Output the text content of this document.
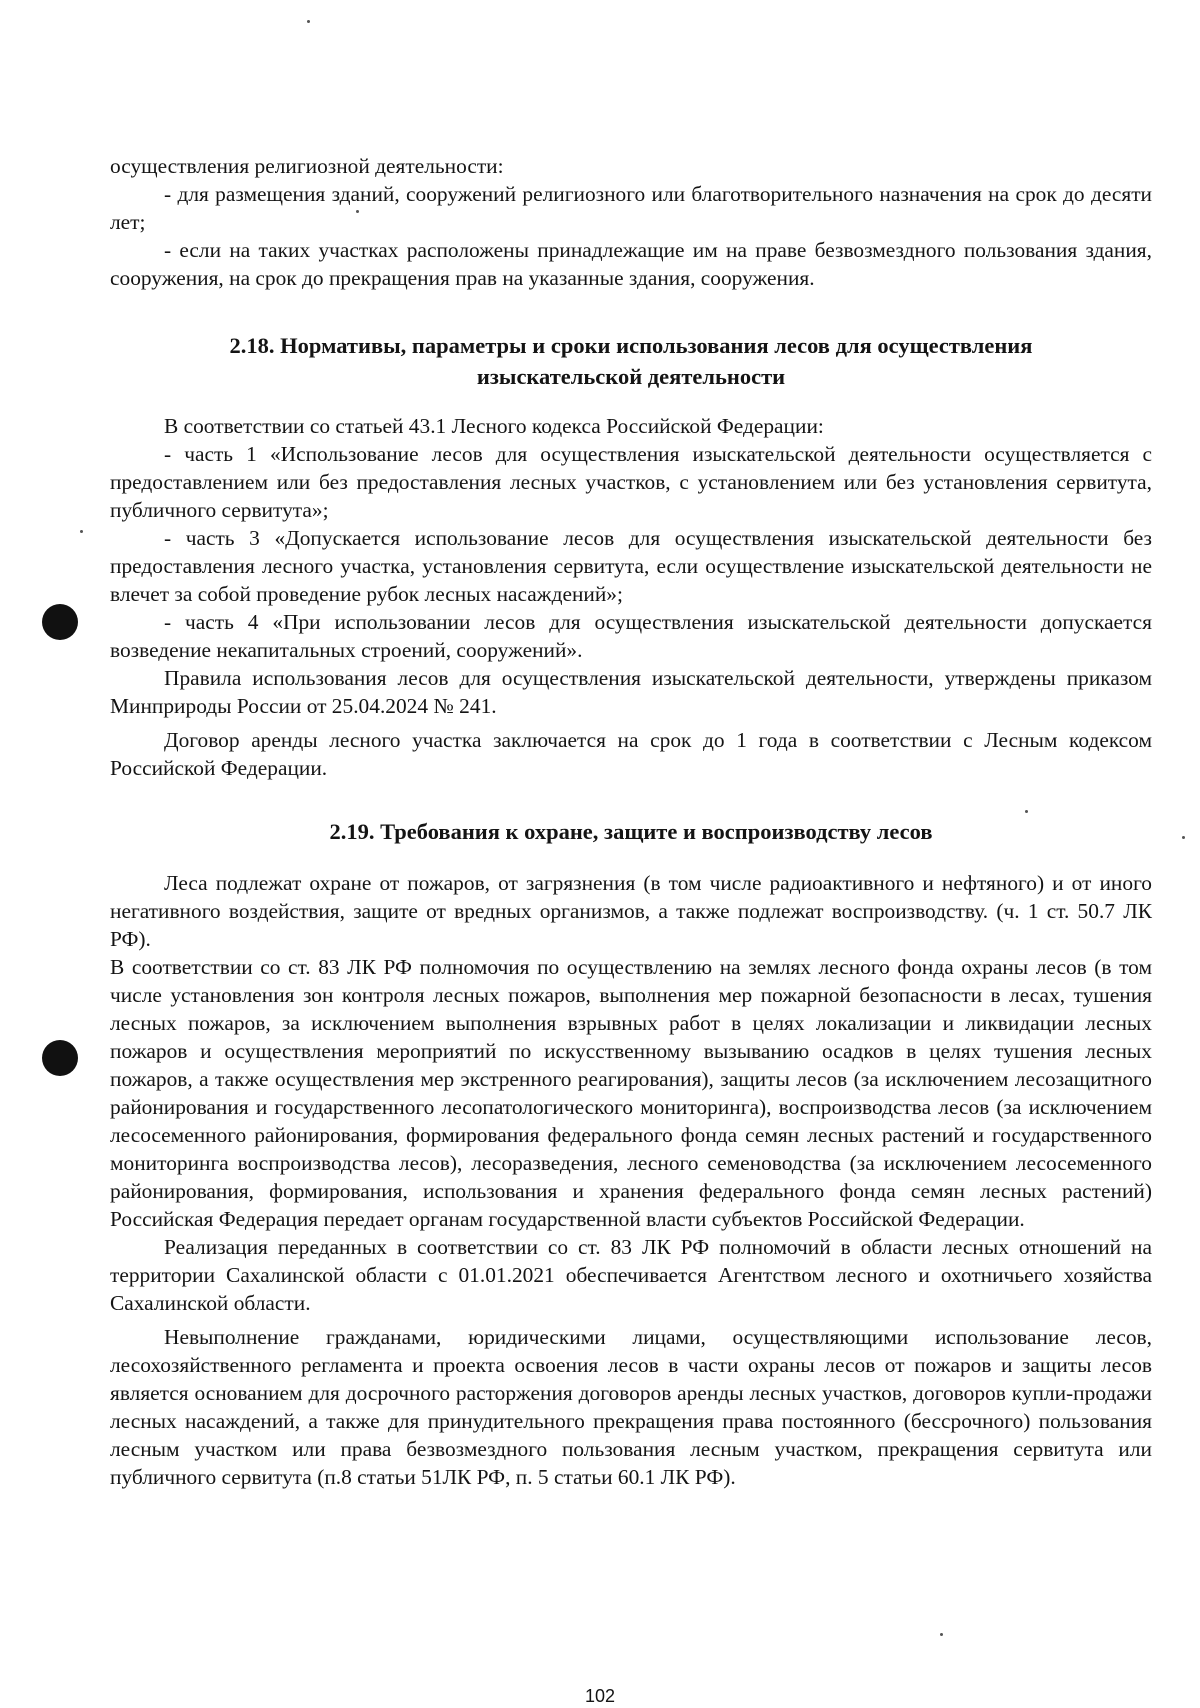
осуществления религиозной деятельности:

- для размещения зданий, сооружений религиозного или благотворительного назначения на срок до десяти лет;

- если на таких участках расположены принадлежащие им на праве безвозмездного пользования здания, сооружения, на срок до прекращения прав на указанные здания, сооружения.

2.18. Нормативы, параметры и сроки использования лесов для осуществления

изыскательской деятельности

В соответствии со статьей 43.1 Лесного кодекса Российской Федерации:

- часть 1 «Использование лесов для осуществления изыскательской деятельности осуществляется с предоставлением или без предоставления лесных участков, с установлением или без установления сервитута, публичного сервитута»;

- часть 3 «Допускается использование лесов для осуществления изыскательской деятельности без предоставления лесного участка, установления сервитута, если осуществление изыскательской деятельности не влечет за собой проведение рубок лесных насаждений»;

- часть 4 «При использовании лесов для осуществления изыскательской деятельности допускается возведение некапитальных строений, сооружений».

Правила использования лесов для осуществления изыскательской деятельности, утверждены приказом Минприроды России от 25.04.2024 № 241.

Договор аренды лесного участка заключается на срок до 1 года в соответствии с Лесным кодексом Российской Федерации.

2.19. Требования к охране, защите и воспроизводству лесов

Леса подлежат охране от пожаров, от загрязнения (в том числе радиоактивного и нефтяного) и от иного негативного воздействия, защите от вредных организмов, а также подлежат воспроизводству. (ч. 1 ст. 50.7 ЛК РФ).

В соответствии со ст. 83 ЛК РФ полномочия по осуществлению на землях лесного фонда охраны лесов (в том числе установления зон контроля лесных пожаров, выполнения мер пожарной безопасности в лесах, тушения лесных пожаров, за исключением выполнения взрывных работ в целях локализации и ликвидации лесных пожаров и осуществления мероприятий по искусственному вызыванию осадков в целях тушения лесных пожаров, а также осуществления мер экстренного реагирования), защиты лесов (за исключением лесозащитного районирования и государственного лесопатологического мониторинга), воспроизводства лесов (за исключением лесосеменного районирования, формирования федерального фонда семян лесных растений и государственного мониторинга воспроизводства лесов), лесоразведения, лесного семеноводства (за исключением лесосеменного районирования, формирования, использования и хранения федерального фонда семян лесных растений) Российская Федерация передает органам государственной власти субъектов Российской Федерации.

Реализация переданных в соответствии со ст. 83 ЛК РФ полномочий в области лесных отношений на территории Сахалинской области с 01.01.2021 обеспечивается Агентством лесного и охотничьего хозяйства Сахалинской области.

Невыполнение гражданами, юридическими лицами, осуществляющими использование лесов, лесохозяйственного регламента и проекта освоения лесов в части охраны лесов от пожаров и защиты лесов является основанием для досрочного расторжения договоров аренды лесных участков, договоров купли-продажи лесных насаждений, а также для принудительного прекращения права постоянного (бессрочного) пользования лесным участком или права безвозмездного пользования лесным участком, прекращения сервитута или публичного сервитута (п.8 статьи 51ЛК РФ, п. 5 статьи 60.1 ЛК РФ).

102
